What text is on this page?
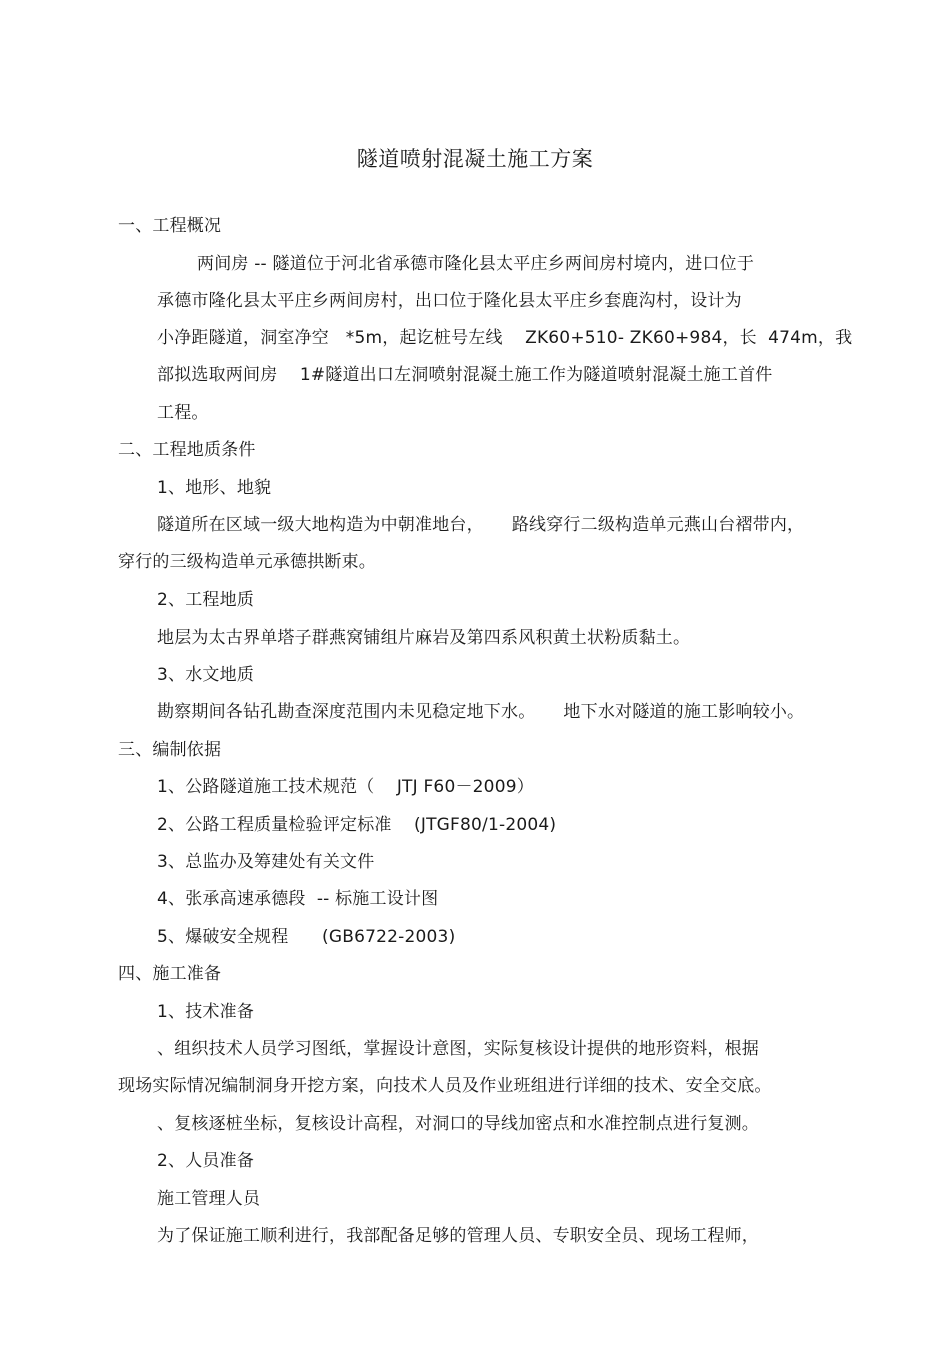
隧道喷射混凝土施工方案
一、工程概况
两间房 -- 隧道位于河北省承德市隆化县太平庄乡两间房村境内，进口位于
承德市隆化县太平庄乡两间房村，出口位于隆化县太平庄乡套鹿沟村，设计为
小净距隧道，洞室净空   *5m，起讫桩号左线    ZK60+510- ZK60+984，长  474m，我
部拟选取两间房    1#隧道出口左洞喷射混凝土施工作为隧道喷射混凝土施工首件
工程。
二、工程地质条件
1、地形、地貌
隧道所在区域一级大地构造为中朝准地台，     路线穿行二级构造单元燕山台褶带内，
穿行的三级构造单元承德拱断束。
2、工程地质
地层为太古界单塔子群燕窝铺组片麻岩及第四系风积黄土状粉质黏土。
3、水文地质
勘察期间各钻孔勘查深度范围内未见稳定地下水。     地下水对隧道的施工影响较小。
三、编制依据
1、公路隧道施工技术规范（    JTJ F60－2009）
2、公路工程质量检验评定标准    (JTGF80/1-2004)
3、总监办及筹建处有关文件
4、张承高速承德段  -- 标施工设计图
5、爆破安全规程      (GB6722-2003)
四、施工准备
1、技术准备
、组织技术人员学习图纸，掌握设计意图，实际复核设计提供的地形资料，根据
现场实际情况编制洞身开挖方案，向技术人员及作业班组进行详细的技术、安全交底。
、复核逐桩坐标，复核设计高程，对洞口的导线加密点和水准控制点进行复测。
2、人员准备
施工管理人员
为了保证施工顺利进行，我部配备足够的管理人员、专职安全员、现场工程师，
